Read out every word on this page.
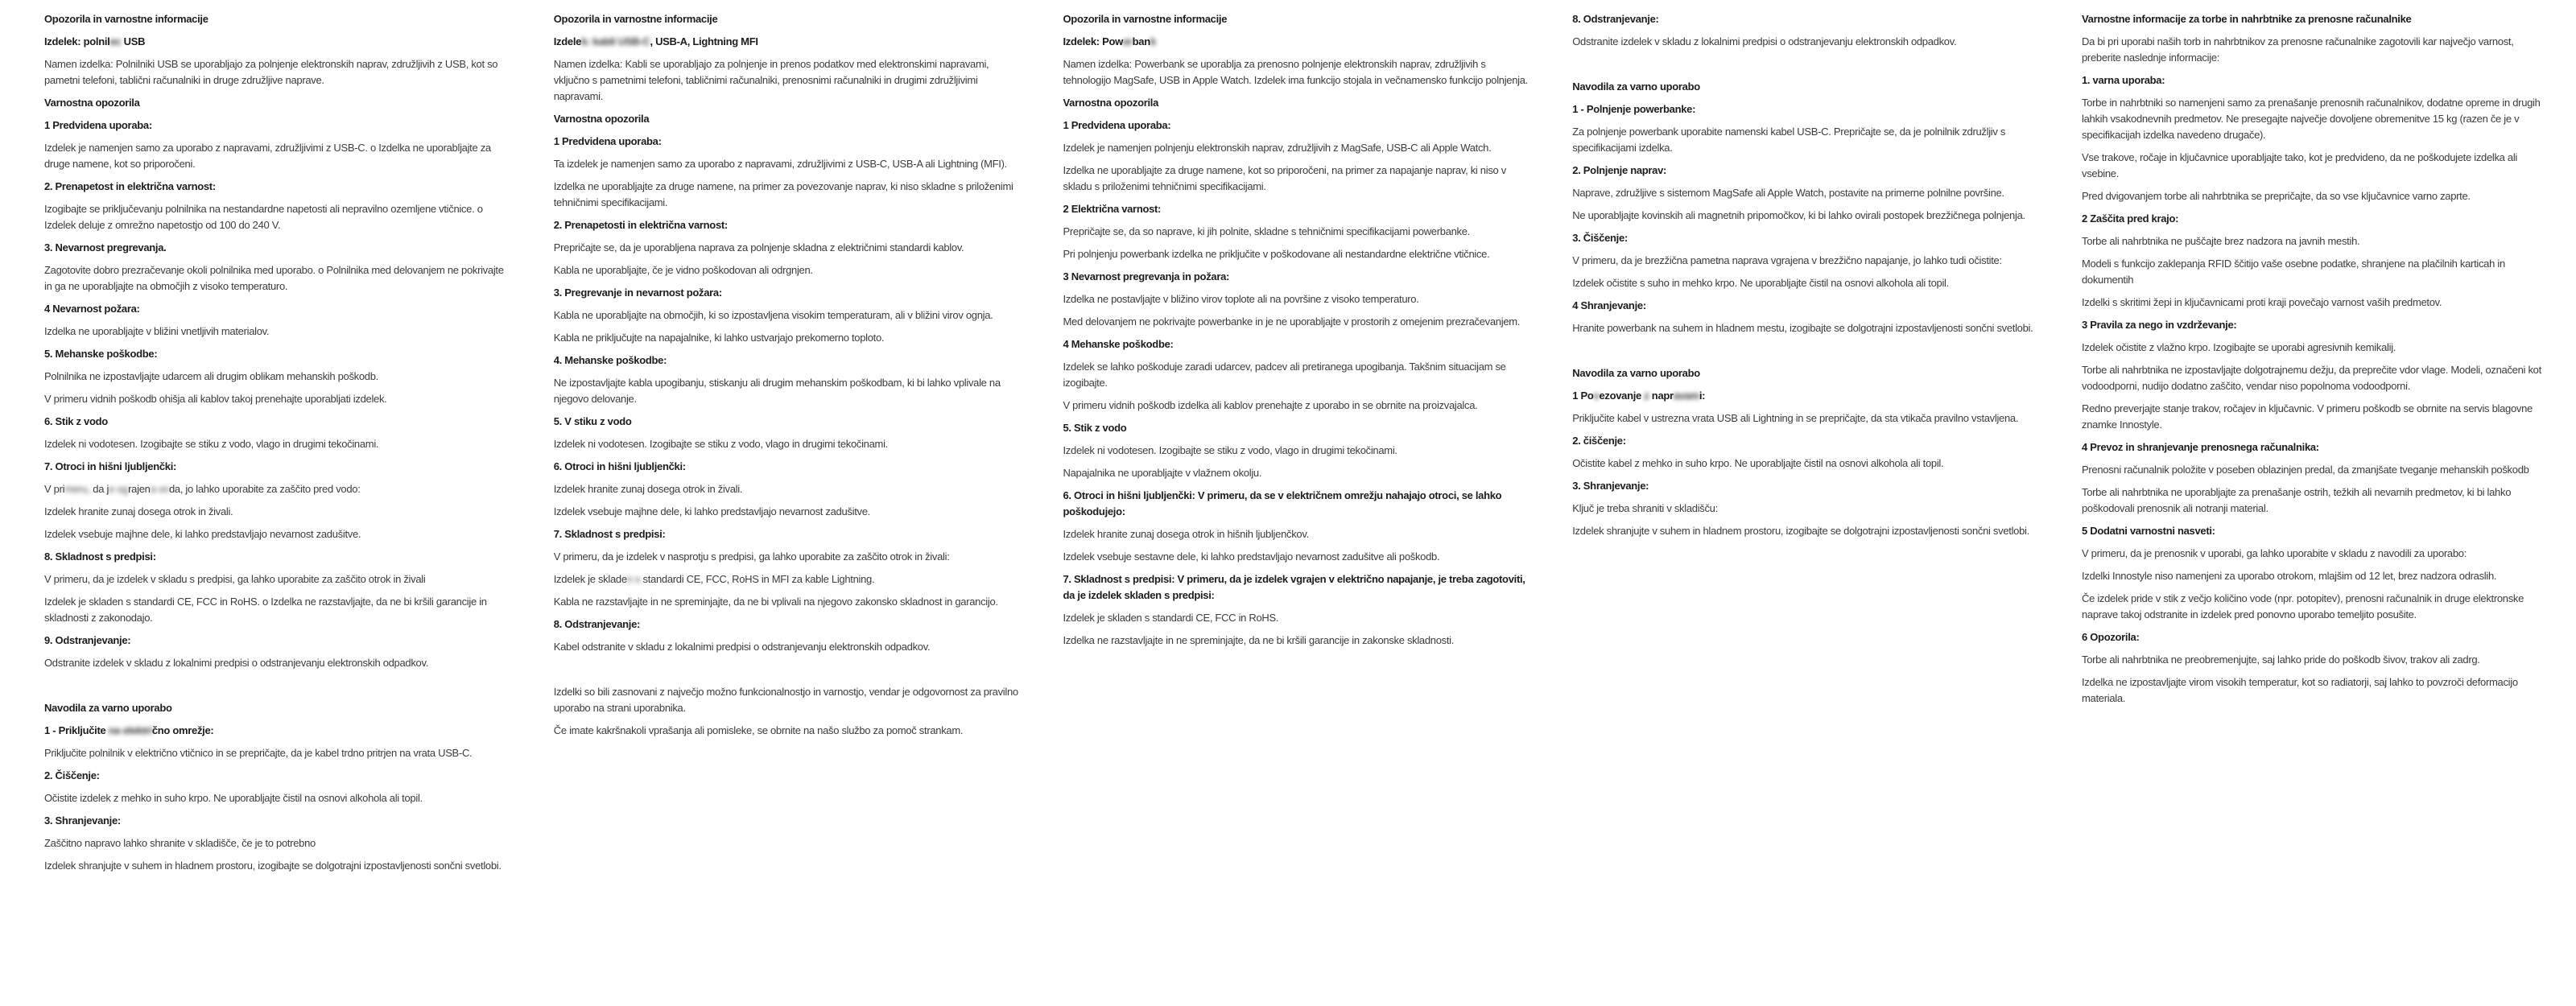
Opozorila in varnostne informacije
Izdelek: polnilec USB

Namen izdelka: Polnilniki USB se uporabljajo za polnjenje elektronskih naprav, združljivih z USB, kot so pametni telefoni, tablični računalniki in druge združljive naprave.

Varnostna opozorila
1 Predvidena uporaba:

Izdelek je namenjen samo za uporabo z napravami, združljivimi z USB-C. o Izdelka ne uporabljajte za druge namene, kot so priporočeni.

2. Prenapetost in električna varnost:

Izogibajte se priključevanju polnilnika na nestandardne napetosti ali nepravilno ozemljene vtičnice. o Izdelek deluje z omrežno napetostjo od 100 do 240 V.

3. Nevarnost pregrevanja.

Zagotovite dobro prezračevanje okoli polnilnika med uporabo. o Polnilnika med delovanjem ne pokrivajte in ga ne uporabljajte na območjih z visoko temperaturo.

4 Nevarnost požara:

Izdelka ne uporabljajte v bližini vnetljivih materialov.

5. Mehanske poškodbe:

Polnilnika ne izpostavljajte udarcem ali drugim oblikam mehanskih poškodb.

V primeru vidnih poškodb ohišja ali kablov takoj prenehajte uporabljati izdelek.

6. Stik z vodo

Izdelek ni vodotesen. Izogibajte se stiku z vodo, vlago in drugimi tekočinami.

7. Otroci in hišni ljubljenčki:

V primeru, da je ograjena voda, jo lahko uporabite za zaščito pred vodo:

Izdelek hranite zunaj dosega otrok in živali.

Izdelek vsebuje majhne dele, ki lahko predstavljajo nevarnost zadušitve.

8. Skladnost s predpisi:

V primeru, da je izdelek v skladu s predpisi, ga lahko uporabite za zaščito otrok in živali

Izdelek je skladen s standardi CE, FCC in RoHS. o Izdelka ne razstavljajte, da ne bi kršili garancije in skladnosti z zakonodajo.

9. Odstranjevanje:

Odstranite izdelek v skladu z lokalnimi predpisi o odstranjevanju elektronskih odpadkov.

Navodila za varno uporabo
1 - Priključite na električno omrežje:

Priključite polnilnik v električno vtičnico in se prepričajte, da je kabel trdno pritrjen na vrata USB-C.

2. Čiščenje:

Očistite izdelek z mehko in suho krpo. Ne uporabljajte čistil na osnovi alkohola ali topil.

3. Shranjevanje:

Zaščitno napravo lahko shranite v skladišče, če je to potrebno

Izdelek shranjujte v suhem in hladnem prostoru, izogibajte se dolgotrajni izpostavljenosti sončni svetlobi.

Opozorila in varnostne informacije
Izdelek: kabli USB-C, USB-A, Lightning MFI

Namen izdelka: Kabli se uporabljajo za polnjenje in prenos podatkov med elektronskimi napravami, vključno s pametnimi telefoni, tabličnimi računalniki, prenosnimi računalniki in drugimi združljivimi napravami.

Varnostna opozorila
1 Predvidena uporaba:

Ta izdelek je namenjen samo za uporabo z napravami, združljivimi z USB-C, USB-A ali Lightning (MFI).

Izdelka ne uporabljajte za druge namene, na primer za povezovanje naprav, ki niso skladne s priloženimi tehničnimi specifikacijami.

2. Prenapetosti in električna varnost:

Prepričajte se, da je uporabljena naprava za polnjenje skladna z električnimi standardi kablov.

Kabla ne uporabljajte, če je vidno poškodovan ali odrgnjen.

3. Pregrevanje in nevarnost požara:

Kabla ne uporabljajte na območjih, ki so izpostavljena visokim temperaturam, ali v bližini virov ognja.

Kabla ne priključujte na napajalnike, ki lahko ustvarjajo prekomerno toploto.

4. Mehanske poškodbe:

Ne izpostavljajte kabla upogibanju, stiskanju ali drugim mehanskim poškodbam, ki bi lahko vplivale na njegovo delovanje.

5. V stiku z vodo

Izdelek ni vodotesen. Izogibajte se stiku z vodo, vlago in drugimi tekočinami.

6. Otroci in hišni ljubljenčki:

Izdelek hranite zunaj dosega otrok in živali.

Izdelek vsebuje majhne dele, ki lahko predstavljajo nevarnost zadušitve.

7. Skladnost s predpisi:

V primeru, da je izdelek v nasprotju s predpisi, ga lahko uporabite za zaščito otrok in živali:

Izdelek je skladen s standardi CE, FCC, RoHS in MFI za kable Lightning.

Kabla ne razstavljajte in ne spreminjajte, da ne bi vplivali na njegovo zakonsko skladnost in garancijo.

8. Odstranjevanje:

Kabel odstranite v skladu z lokalnimi predpisi o odstranjevanju elektronskih odpadkov.

Izdelki so bili zasnovani z največjo možno funkcionalnostjo in varnostjo, vendar je odgovornost za pravilno uporabo na strani uporabnika.

Če imate kakršnakoli vprašanja ali pomisleke, se obrnite na našo službo za pomoč strankam.

Opozorila in varnostne informacije
Izdelek: Powerbank

Namen izdelka: Powerbank se uporablja za prenosno polnjenje elektronskih naprav, združljivih s tehnologijo MagSafe, USB in Apple Watch. Izdelek ima funkcijo stojala in večnamensko funkcijo polnjenja.

Varnostna opozorila
1 Predvidena uporaba:

Izdelek je namenjen polnjenju elektronskih naprav, združljivih z MagSafe, USB-C ali Apple Watch.

Izdelka ne uporabljajte za druge namene, kot so priporočeni, na primer za napajanje naprav, ki niso v skladu s priloženimi tehničnimi specifikacijami.

2 Električna varnost:

Prepričajte se, da so naprave, ki jih polnite, skladne s tehničnimi specifikacijami powerbanke.

Pri polnjenju powerbank izdelka ne priključite v poškodovane ali nestandardne električne vtičnice.

3 Nevarnost pregrevanja in požara:

Izdelka ne postavljajte v bližino virov toplote ali na površine z visoko temperaturo.

Med delovanjem ne pokrivajte powerbanke in je ne uporabljajte v prostorih z omejenim prezračevanjem.

4 Mehanske poškodbe:

Izdelek se lahko poškoduje zaradi udarcev, padcev ali pretiranega upogibanja. Takšnim situacijam se izogibajte.

V primeru vidnih poškodb izdelka ali kablov prenehajte z uporabo in se obrnite na proizvajalca.

5. Stik z vodo

Izdelek ni vodotesen. Izogibajte se stiku z vodo, vlago in drugimi tekočinami.

Napajalnika ne uporabljajte v vlažnem okolju.

6. Otroci in hišni ljubljenčki: V primeru, da se v električnem omrežju nahajajo otroci, se lahko poškodujejo:

Izdelek hranite zunaj dosega otrok in hišnih ljubljenčkov.

Izdelek vsebuje sestavne dele, ki lahko predstavljajo nevarnost zadušitve ali poškodb.

7. Skladnost s predpisi: V primeru, da je izdelek vgrajen v električno napajanje, je treba zagotoviti, da je izdelek skladen s predpisi:

Izdelek je skladen s standardi CE, FCC in RoHS.

Izdelka ne razstavljajte in ne spreminjajte, da ne bi kršili garancije in zakonske skladnosti.

8. Odstranjevanje:

Odstranite izdelek v skladu z lokalnimi predpisi o odstranjevanju elektronskih odpadkov.

Navodila za varno uporabo
1 - Polnjenje powerbanke:

Za polnjenje powerbank uporabite namenski kabel USB-C. Prepričajte se, da je polnilnik združljiv s specifikacijami izdelka.

2. Polnjenje naprav:

Naprave, združljive s sistemom MagSafe ali Apple Watch, postavite na primerne polnilne površine.

Ne uporabljajte kovinskih ali magnetnih pripomočkov, ki bi lahko ovirali postopek brezžičnega polnjenja.

3. Čiščenje:

V primeru, da je brezžična pametna naprava vgrajena v brezžično napajanje, jo lahko tudi očistite:

Izdelek očistite s suho in mehko krpo. Ne uporabljajte čistil na osnovi alkohola ali topil.

4 Shranjevanje:

Hranite powerbank na suhem in hladnem mestu, izogibajte se dolgotrajni izpostavljenosti sončni svetlobi.

Navodila za varno uporabo
1 Povezovanje z napravami:

Priključite kabel v ustrezna vrata USB ali Lightning in se prepričajte, da sta vtikača pravilno vstavljena.

2. čiščenje:

Očistite kabel z mehko in suho krpo. Ne uporabljajte čistil na osnovi alkohola ali topil.

3. Shranjevanje:

Ključ je treba shraniti v skladišču:

Izdelek shranjujte v suhem in hladnem prostoru, izogibajte se dolgotrajni izpostavljenosti sončni svetlobi.

Varnostne informacije za torbe in nahrbtnike za prenosne računalnike

Da bi pri uporabi naših torb in nahrbtnikov za prenosne računalnike zagotovili kar največjo varnost, preberite naslednje informacije:

1. varna uporaba:

Torbe in nahrbtniki so namenjeni samo za prenašanje prenosnih računalnikov, dodatne opreme in drugih lahkih vsakodnevnih predmetov. Ne presegajte največje dovoljene obremenitve 15 kg (razen če je v specifikacijah izdelka navedeno drugače).

Vse trakove, ročaje in ključavnice uporabljajte tako, kot je predvideno, da ne poškodujete izdelka ali vsebine.

Pred dvigovanjem torbe ali nahrbtnika se prepričajte, da so vse ključavnice varno zaprte.

2 Zaščita pred krajo:

Torbe ali nahrbtnika ne puščajte brez nadzora na javnih mestih.

Modeli s funkcijo zaklepanja RFID ščitijo vaše osebne podatke, shranjene na plačilnih karticah in dokumentih

Izdelki s skritimi žepi in ključavnicami proti kraji povečajo varnost vaših predmetov.

3 Pravila za nego in vzdrževanje:

Izdelek očistite z vlažno krpo. Izogibajte se uporabi agresivnih kemikalij.

Torbe ali nahrbtnika ne izpostavljajte dolgotrajnemu dežju, da preprečite vdor vlage. Modeli, označeni kot vodoodporni, nudijo dodatno zaščito, vendar niso popolnoma vodoodporni.

Redno preverjajte stanje trakov, ročajev in ključavnic. V primeru poškodb se obrnite na servis blagovne znamke Innostyle.

4 Prevoz in shranjevanje prenosnega računalnika:

Prenosni računalnik položite v poseben oblazinjen predal, da zmanjšate tveganje mehanskih poškodb

Torbe ali nahrbtnika ne uporabljajte za prenašanje ostrih, težkih ali nevarnih predmetov, ki bi lahko poškodovali prenosnik ali notranji material.

5 Dodatni varnostni nasveti:

V primeru, da je prenosnik v uporabi, ga lahko uporabite v skladu z navodili za uporabo:

Izdelki Innostyle niso namenjeni za uporabo otrokom, mlajšim od 12 let, brez nadzora odraslih.

Če izdelek pride v stik z večjo količino vode (npr. potopitev), prenosni računalnik in druge elektronske naprave takoj odstranite in izdelek pred ponovno uporabo temeljito posušite.

6 Opozorila:

Torbe ali nahrbtnika ne preobremenjujte, saj lahko pride do poškodb šivov, trakov ali zadrg.

Izdelka ne izpostavljajte virom visokih temperatur, kot so radiatorji, saj lahko to povzroči deformacijo materiala.
